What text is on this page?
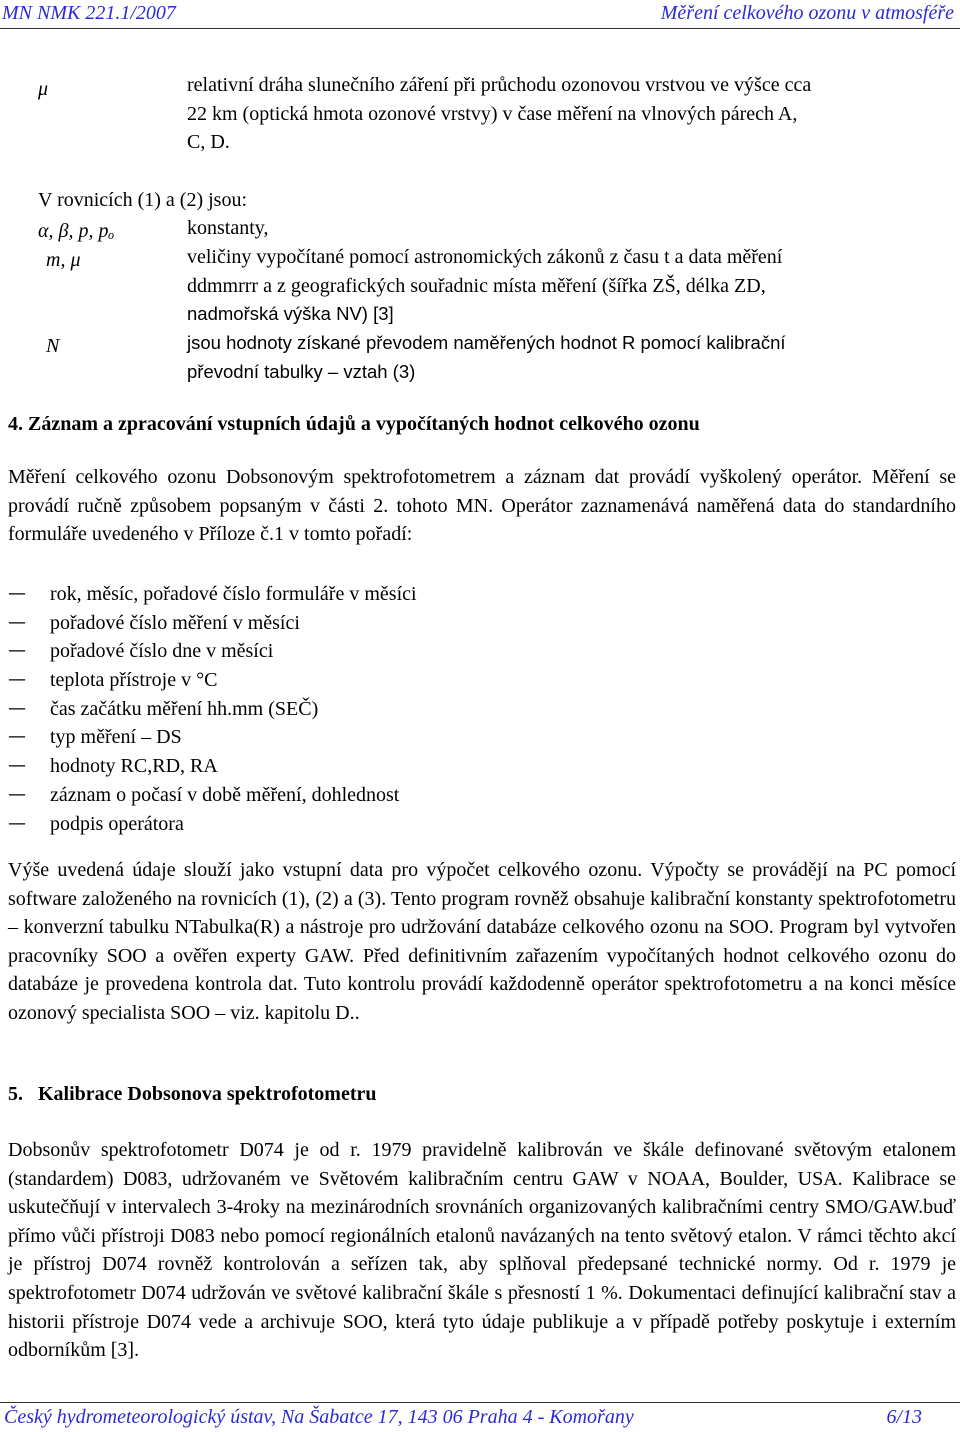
MN NMK 221.1/2007	Měření celkového ozonu v atmosféře
μ	relativní dráha slunečního záření při průchodu ozonovou vrstvou ve výšce cca
22 km (optická hmota ozonové vrstvy) v čase měření na vlnových párech A,
C, D.

V rovnicích (1) a (2) jsou:

α, β, p, pₒ	konstanty,

m, μ	veličiny vypočítané pomocí astronomických zákonů z času t a data měření
ddmmrrr a z geografických souřadnic místa měření (šířka ZŠ, délka ZD,
nadmořská výška NV) [3]

N	jsou hodnoty získané převodem naměřených hodnot R pomocí kalibrační
převodní tabulky – vztah (3)

4. Záznam a zpracování vstupních údajů a vypočítaných hodnot celkového ozonu

Měření celkového ozonu Dobsonovým spektrofotometrem a záznam dat provádí vyškolený operátor. Měření se provádí ručně způsobem popsaným v části 2. tohoto MN. Operátor zaznamenává naměřená data do standardního formuláře uvedeného v Příloze č.1 v tomto pořadí:

— rok, měsíc, pořadové číslo formuláře v měsíci
— pořadové číslo měření v měsíci
— pořadové číslo dne v měsíci
— teplota přístroje v °C
— čas začátku měření hh.mm (SEČ)
— typ měření – DS
— hodnoty RC,RD, RA
— záznam o počasí v době měření, dohlednost
— podpis operátora

Výše uvedená údaje slouží jako vstupní data pro výpočet celkového ozonu. Výpočty se provádějí na PC pomocí software založeného na rovnicích (1), (2) a (3). Tento program rovněž obsahuje kalibrační konstanty spektrofotometru – konverzní tabulku NTabulka(R) a nástroje pro udržování databáze celkového ozonu na SOO. Program byl vytvořen pracovníky SOO a ověřen experty GAW. Před definitivním zařazením vypočítaných hodnot celkového ozonu do databáze je provedena kontrola dat. Tuto kontrolu provádí každodenně operátor spektrofotometru a na konci měsíce ozonový specialista SOO – viz. kapitolu D..

5. Kalibrace Dobsonova spektrofotometru

Dobsonův spektrofotometr D074 je od r. 1979 pravidelně kalibrován ve škále definované světovým etalonem (standardem) D083, udržovaném ve Světovém kalibračním centru GAW v NOAA, Boulder, USA. Kalibrace se uskutečňují v intervalech 3-4roky na mezinárodních srovnáních organizovaných kalibračními centry SMO/GAW.buď přímo vůči přístroji D083 nebo pomocí regionálních etalonů navázaných na tento světový etalon. V rámci těchto akcí je přístroj D074 rovněž kontrolován a seřízen tak, aby splňoval předepsané technické normy. Od r. 1979 je spektrofotometr D074 udržován ve světové kalibrační škále s přesností 1 %. Dokumentaci definující kalibrační stav a historii přístroje D074 vede a archivuje SOO, která tyto údaje publikuje a v případě potřeby poskytuje i externím odborníkům [3].

Český hydrometeorologický ústav, Na Šabatce 17, 143 06 Praha 4 - Komořany	6/13
